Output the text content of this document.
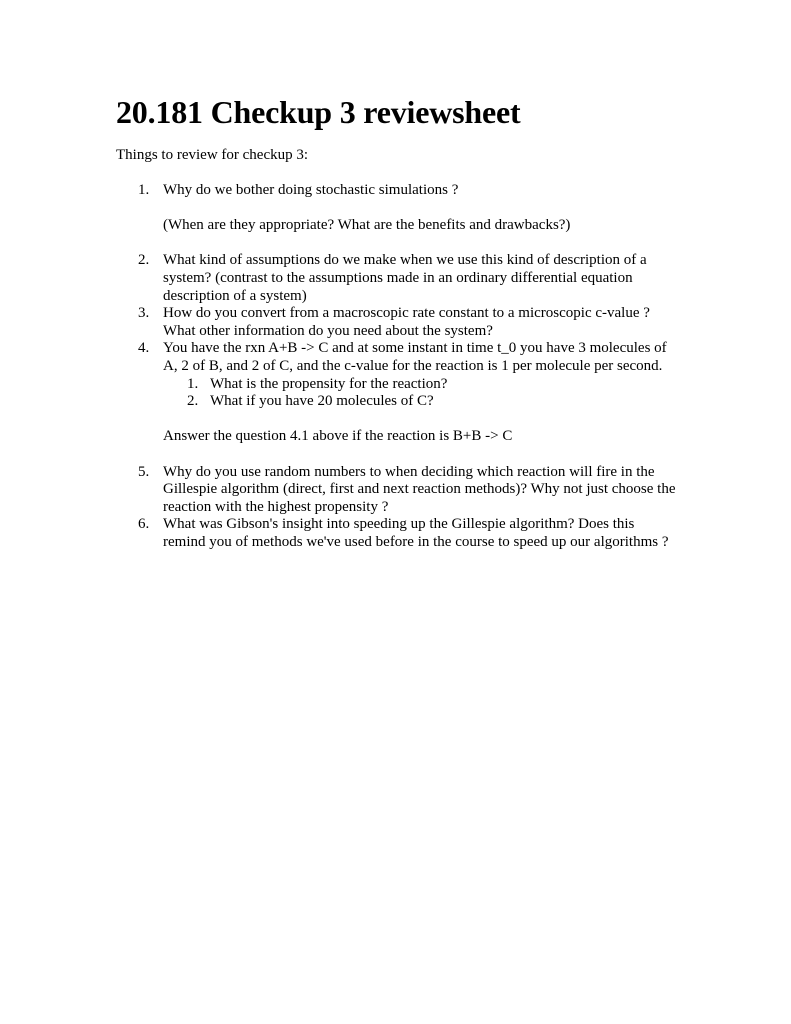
20.181 Checkup 3 reviewsheet

Things to review for checkup 3:

1. Why do we bother doing stochastic simulations ?
(When are they appropriate? What are the benefits and drawbacks?)
2. What kind of assumptions do we make when we use this kind of description of a system? (contrast to the assumptions made in an ordinary differential equation description of a system)
3. How do you convert from a macroscopic rate constant to a microscopic c-value ? What other information do you need about the system?
4. You have the rxn A+B -> C and at some instant in time t_0 you have 3 molecules of A, 2 of B, and 2 of C, and the c-value for the reaction is 1 per molecule per second.
1. What is the propensity for the reaction?
2. What if you have 20 molecules of C?
Answer the question 4.1 above if the reaction is B+B -> C
5. Why do you use random numbers to when deciding which reaction will fire in the Gillespie algorithm (direct, first and next reaction methods)? Why not just choose the reaction with the highest propensity ?
6. What was Gibson's insight into speeding up the Gillespie algorithm? Does this remind you of methods we've used before in the course to speed up our algorithms ?
